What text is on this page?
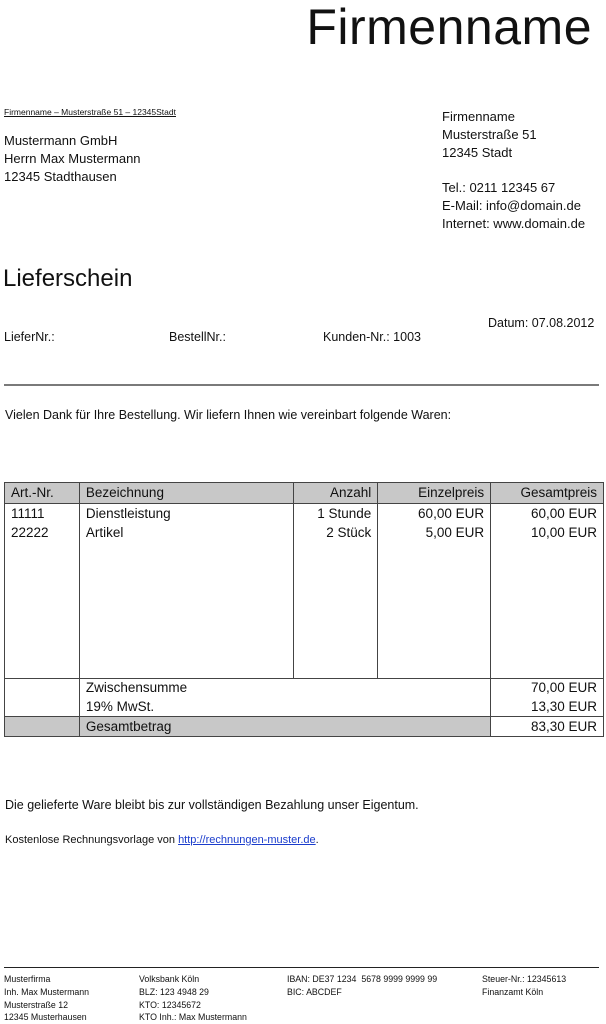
Firmenname
Firmenname – Musterstraße 51 – 12345Stadt
Mustermann GmbH
Herrn Max Mustermann
12345 Stadthausen
Firmenname
Musterstraße 51
12345 Stadt
Tel.: 0211 12345 67
E-Mail: info@domain.de
Internet: www.domain.de
Lieferschein
Datum: 07.08.2012
LieferNr.:	BestellNr.:	Kunden-Nr.: 1003
Vielen Dank für Ihre Bestellung. Wir liefern Ihnen wie vereinbart folgende Waren:
Art.-Nr.	Bezeichnung	Anzahl	Einzelpreis	Gesamtpreis
11111	Dienstleistung	1 Stunde	60,00 EUR	60,00 EUR
22222	Artikel	2 Stück	5,00 EUR	10,00 EUR

	Zwischensumme	70,00 EUR
	19% MwSt.	13,30 EUR
	Gesamtbetrag	83,30 EUR
Die gelieferte Ware bleibt bis zur vollständigen Bezahlung unser Eigentum.
Kostenlose Rechnungsvorlage von http://rechnungen-muster.de.
Musterfirma
Inh. Max Mustermann
Musterstraße 12
12345 Musterhausen
Volksbank Köln
BLZ: 123 4948 29
KTO: 12345672
KTO Inh.: Max Mustermann
IBAN: DE37 1234  5678 9999 9999 99
BIC: ABCDEF
Steuer-Nr.: 12345613
Finanzamt Köln
